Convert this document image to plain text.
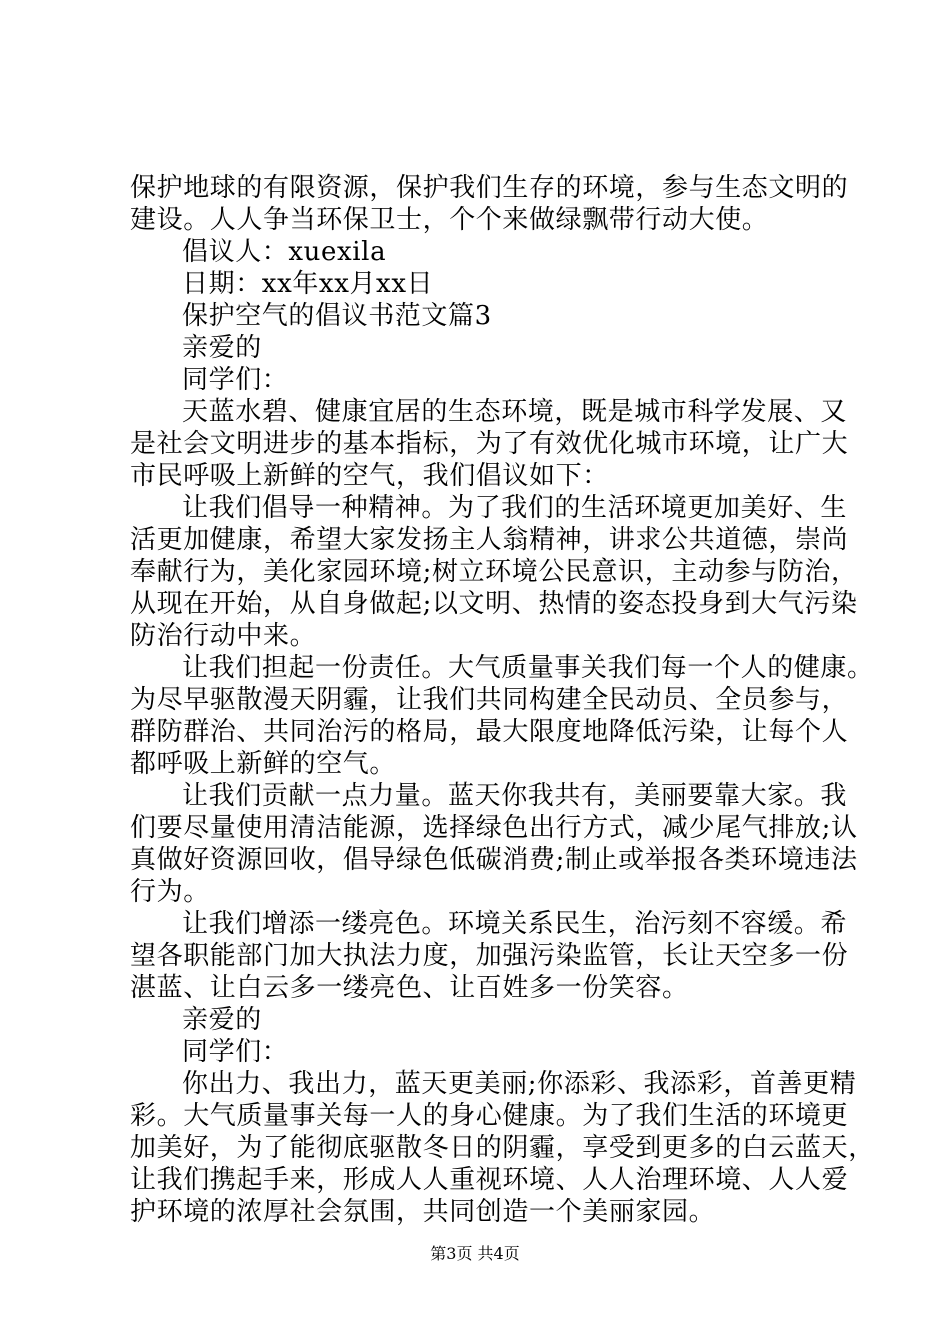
保护地球的有限资源，保护我们生存的环境，参与生态文明的
建设。人人争当环保卫士，个个来做绿飘带行动大使。
倡议人：xuexila
日期：xx年xx月xx日
保护空气的倡议书范文篇3
亲爱的
同学们：
天蓝水碧、健康宜居的生态环境，既是城市科学发展、又
是社会文明进步的基本指标，为了有效优化城市环境，让广大
市民呼吸上新鲜的空气，我们倡议如下：
让我们倡导一种精神。为了我们的生活环境更加美好、生
活更加健康，希望大家发扬主人翁精神，讲求公共道德，崇尚
奉献行为，美化家园环境;树立环境公民意识，主动参与防治，
从现在开始，从自身做起;以文明、热情的姿态投身到大气污染
防治行动中来。
让我们担起一份责任。大气质量事关我们每一个人的健康。
为尽早驱散漫天阴霾，让我们共同构建全民动员、全员参与，
群防群治、共同治污的格局，最大限度地降低污染，让每个人
都呼吸上新鲜的空气。
让我们贡献一点力量。蓝天你我共有，美丽要靠大家。我
们要尽量使用清洁能源，选择绿色出行方式，减少尾气排放;认
真做好资源回收，倡导绿色低碳消费;制止或举报各类环境违法
行为。
让我们增添一缕亮色。环境关系民生，治污刻不容缓。希
望各职能部门加大执法力度，加强污染监管，长让天空多一份
湛蓝、让白云多一缕亮色、让百姓多一份笑容。
亲爱的
同学们：
你出力、我出力，蓝天更美丽;你添彩、我添彩，首善更精
彩。大气质量事关每一人的身心健康。为了我们生活的环境更
加美好，为了能彻底驱散冬日的阴霾，享受到更多的白云蓝天，
让我们携起手来，形成人人重视环境、人人治理环境、人人爱
护环境的浓厚社会氛围，共同创造一个美丽家园。
第3页 共4页
